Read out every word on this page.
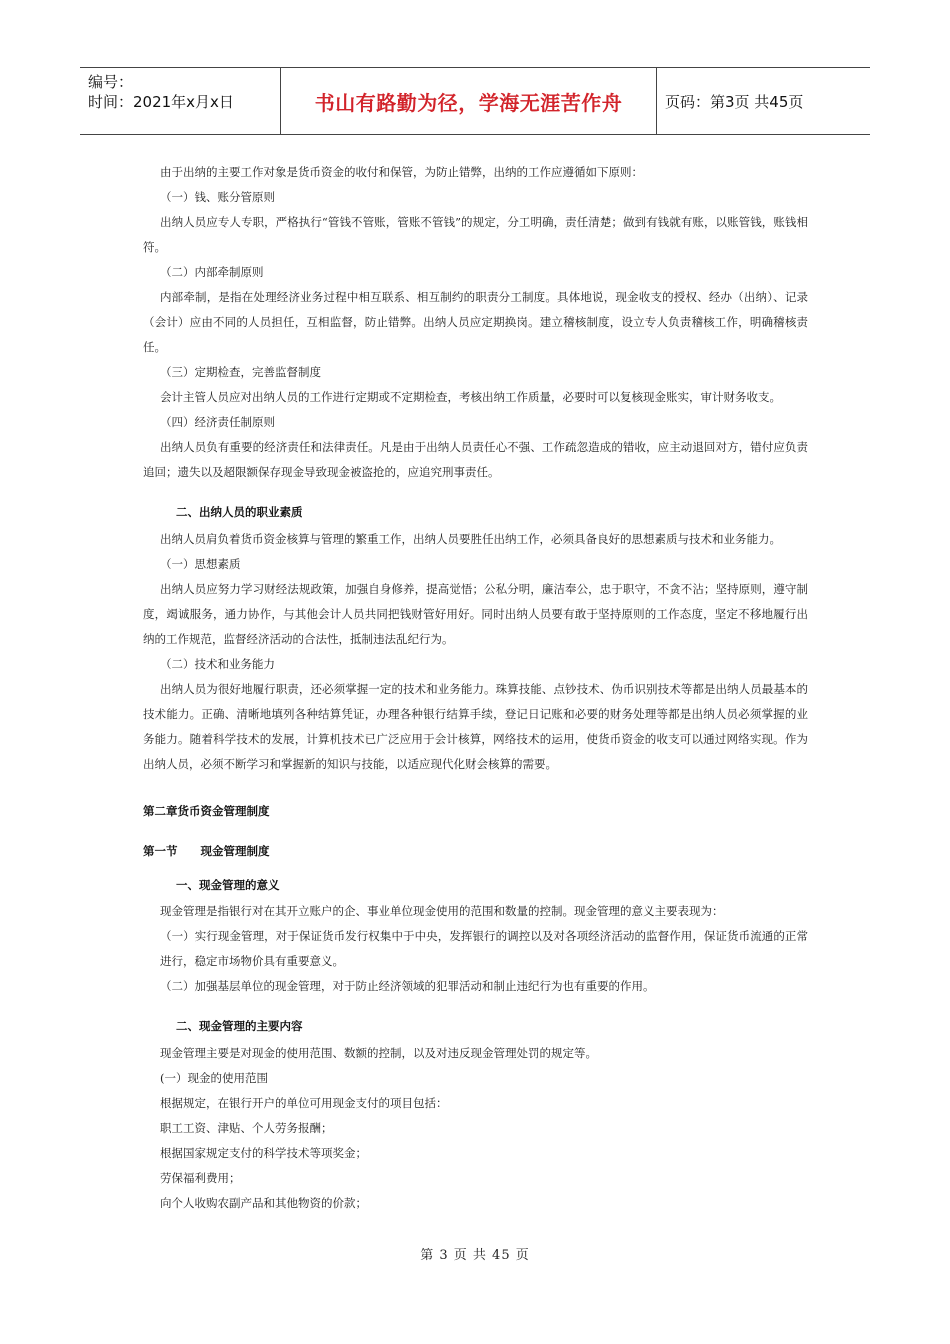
编号：
时间：2021年x月x日	书山有路勤为径，学海无涯苦作舟	页码：第3页 共45页

由于出纳的主要工作对象是货币资金的收付和保管，为防止错弊，出纳的工作应遵循如下原则：

（一）钱、账分管原则

出纳人员应专人专职，严格执行“管钱不管账，管账不管钱”的规定，分工明确，责任清楚；做到有钱就有账，以账管钱，账钱相符。

（二）内部牵制原则

内部牵制，是指在处理经济业务过程中相互联系、相互制约的职责分工制度。具体地说，现金收支的授权、经办（出纳）、记录（会计）应由不同的人员担任，互相监督，防止错弊。出纳人员应定期换岗。建立稽核制度，设立专人负责稽核工作，明确稽核责任。

（三）定期检查，完善监督制度

会计主管人员应对出纳人员的工作进行定期或不定期检查，考核出纳工作质量，必要时可以复核现金账实，审计财务收支。

（四）经济责任制原则

出纳人员负有重要的经济责任和法律责任。凡是由于出纳人员责任心不强、工作疏忽造成的错收，应主动退回对方，错付应负责追回；遗失以及超限额保存现金导致现金被盗抢的，应追究刑事责任。

二、出纳人员的职业素质

出纳人员肩负着货币资金核算与管理的繁重工作，出纳人员要胜任出纳工作，必须具备良好的思想素质与技术和业务能力。

（一）思想素质

出纳人员应努力学习财经法规政策，加强自身修养，提高觉悟；公私分明，廉洁奉公，忠于职守，不贪不沾；坚持原则，遵守制度，竭诚服务，通力协作，与其他会计人员共同把钱财管好用好。同时出纳人员要有敢于坚持原则的工作态度，坚定不移地履行出纳的工作规范，监督经济活动的合法性，抵制违法乱纪行为。

（二）技术和业务能力

出纳人员为很好地履行职责，还必须掌握一定的技术和业务能力。珠算技能、点钞技术、伪币识别技术等都是出纳人员最基本的技术能力。正确、清晰地填列各种结算凭证，办理各种银行结算手续，登记日记账和必要的财务处理等都是出纳人员必须掌握的业务能力。随着科学技术的发展，计算机技术已广泛应用于会计核算，网络技术的运用，使货币资金的收支可以通过网络实现。作为出纳人员，必须不断学习和掌握新的知识与技能，以适应现代化财会核算的需要。

第二章货币资金管理制度

第一节　　现金管理制度

一、现金管理的意义

现金管理是指银行对在其开立账户的企、事业单位现金使用的范围和数量的控制。现金管理的意义主要表现为：

（一）实行现金管理，对于保证货币发行权集中于中央，发挥银行的调控以及对各项经济活动的监督作用，保证货币流通的正常进行，稳定市场物价具有重要意义。

（二）加强基层单位的现金管理，对于防止经济领域的犯罪活动和制止违纪行为也有重要的作用。

二、现金管理的主要内容

现金管理主要是对现金的使用范围、数额的控制，以及对违反现金管理处罚的规定等。

(一）现金的使用范围

根据规定，在银行开户的单位可用现金支付的项目包括：

职工工资、津贴、个人劳务报酬；

根据国家规定支付的科学技术等项奖金；

劳保福利费用；

向个人收购农副产品和其他物资的价款；

第 3 页 共 45 页
